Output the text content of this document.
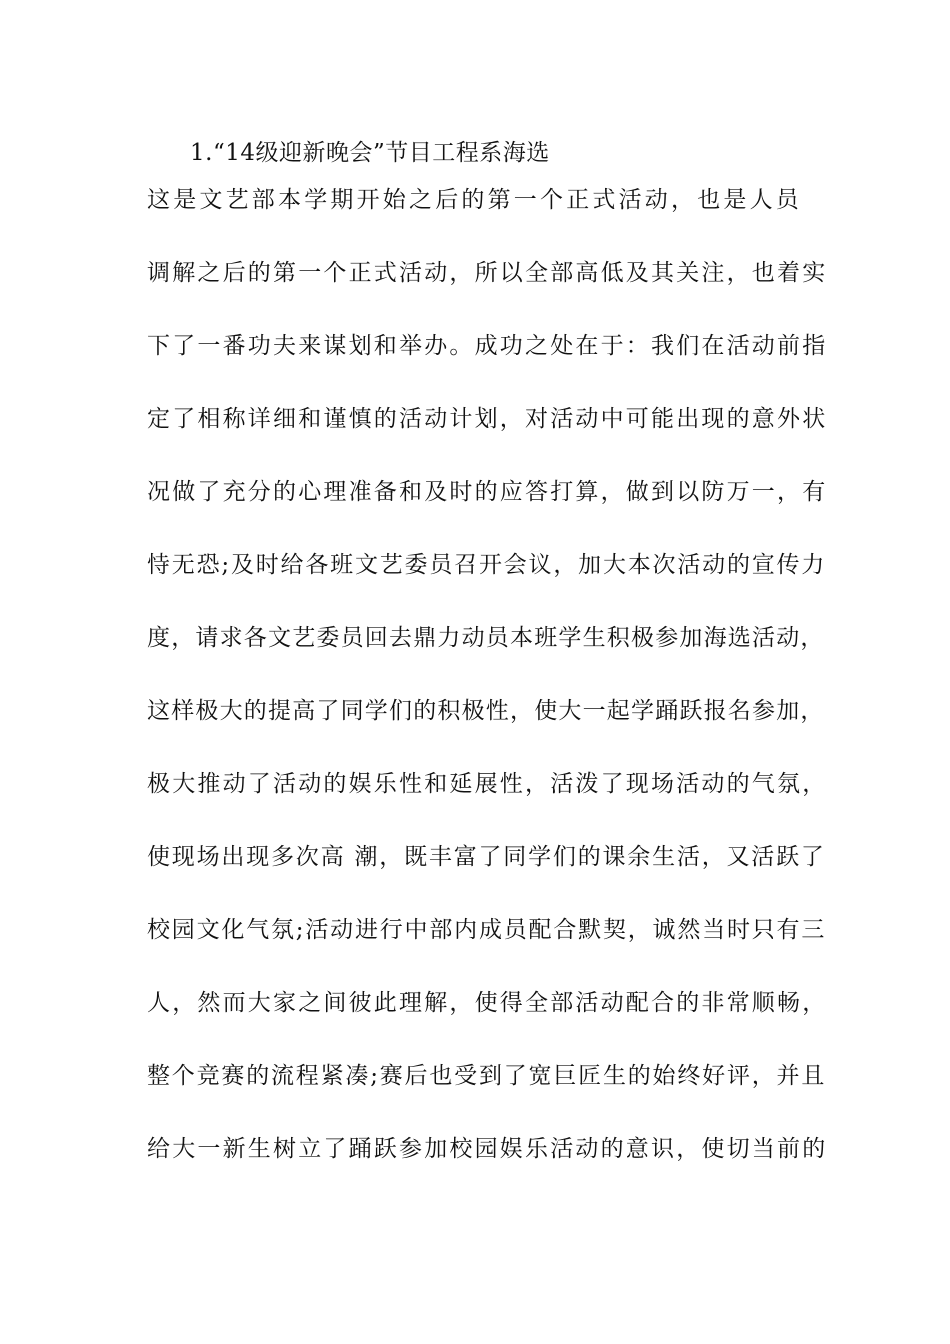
1.“14级迎新晚会”节目工程系海选
这是文艺部本学期开始之后的第一个正式活动，也是人员
调解之后的第一个正式活动，所以全部高低及其关注，也着实
下了一番功夫来谋划和举办。成功之处在于：我们在活动前指
定了相称详细和谨慎的活动计划，对活动中可能出现的意外状
况做了充分的心理准备和及时的应答打算，做到以防万一，有
恃无恐;及时给各班文艺委员召开会议，加大本次活动的宣传力
度，请求各文艺委员回去鼎力动员本班学生积极参加海选活动，
这样极大的提高了同学们的积极性，使大一起学踊跃报名参加，
极大推动了活动的娱乐性和延展性，活泼了现场活动的气氛，
使现场出现多次高 潮，既丰富了同学们的课余生活，又活跃了
校园文化气氛;活动进行中部内成员配合默契，诚然当时只有三
人，然而大家之间彼此理解，使得全部活动配合的非常顺畅，
整个竞赛的流程紧凑;赛后也受到了宽巨匠生的始终好评，并且
给大一新生树立了踊跃参加校园娱乐活动的意识，使切当前的
